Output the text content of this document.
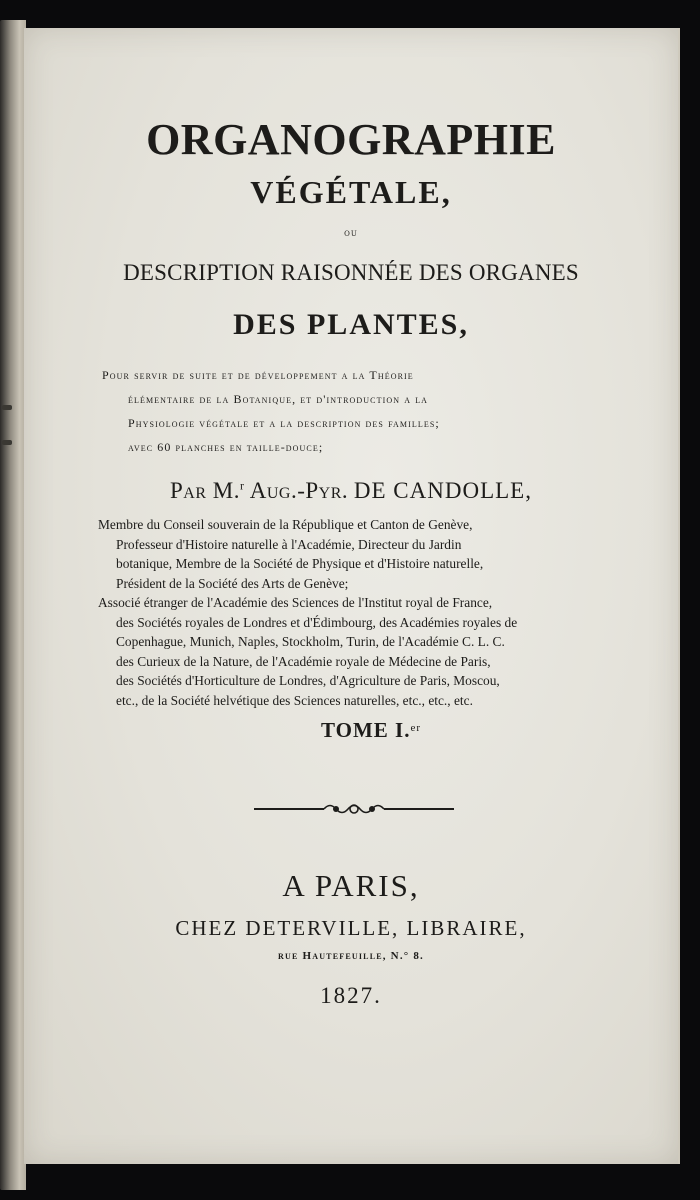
ORGANOGRAPHIE
VÉGÉTALE,
ou
DESCRIPTION RAISONNÉE DES ORGANES
DES PLANTES,
Pour servir de suite et de développement a la Théorie
élémentaire de la Botanique, et d'introduction a la
Physiologie végétale et a la description des familles;
avec 60 planches en taille-douce;
Par M.$^r$ Aug.-Pyr. DE CANDOLLE,
Membre du Conseil souverain de la République et Canton de Genève,
Professeur d'Histoire naturelle à l'Académie, Directeur du Jardin
botanique, Membre de la Société de Physique et d'Histoire naturelle,
Président de la Société des Arts de Genève;
Associé étranger de l'Académie des Sciences de l'Institut royal de France,
des Sociétés royales de Londres et d'Édimbourg, des Académies royales de
Copenhague, Munich, Naples, Stockholm, Turin, de l'Académie C. L. C.
des Curieux de la Nature, de l'Académie royale de Médecine de Paris,
des Sociétés d'Horticulture de Londres, d'Agriculture de Paris, Moscou,
etc., de la Société helvétique des Sciences naturelles, etc., etc., etc.
TOME I.$^{er}$
A PARIS,
CHEZ DETERVILLE, LIBRAIRE,
rue Hautefeuille, N.° 8.
1827.
